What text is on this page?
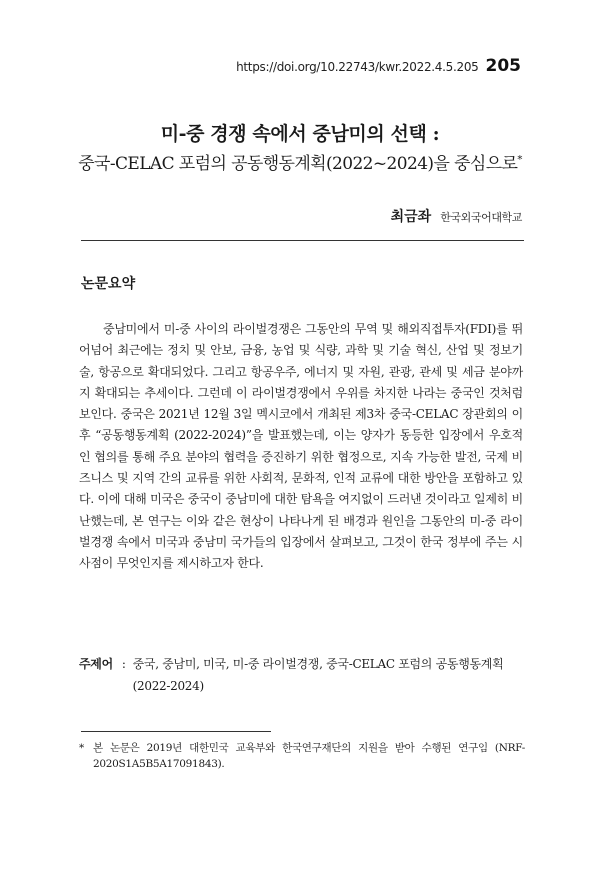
https://doi.org/10.22743/kwr.2022.4.5.205 205
미-중 경쟁 속에서 중남미의 선택 :
중국-CELAC 포럼의 공동행동계획(2022~2024)을 중심으로*
최금좌 한국외국어대학교
논문요약

중남미에서 미-중 사이의 라이벌경쟁은 그동안의 무역 및 해외직접투자(FDI)를 뛰어넘어 최근에는 정치 및 안보, 금융, 농업 및 식량, 과학 및 기술 혁신, 산업 및 정보기술, 항공으로 확대되었다. 그리고 항공우주, 에너지 및 자원, 관광, 관세 및 세금 분야까지 확대되는 추세이다. 그런데 이 라이벌경쟁에서 우위를 차지한 나라는 중국인 것처럼 보인다. 중국은 2021년 12월 3일 멕시코에서 개최된 제3차 중국-CELAC 장관회의 이후 “공동행동계획 (2022-2024)”을 발표했는데, 이는 양자가 동등한 입장에서 우호적인 협의를 통해 주요 분야의 협력을 증진하기 위한 협정으로, 지속 가능한 발전, 국제 비즈니스 및 지역 간의 교류를 위한 사회적, 문화적, 인적 교류에 대한 방안을 포함하고 있다. 이에 대해 미국은 중국이 중남미에 대한 탐욕을 여지없이 드러낸 것이라고 일제히 비난했는데, 본 연구는 이와 같은 현상이 나타나게 된 배경과 원인을 그동안의 미-중 라이벌경쟁 속에서 미국과 중남미 국가들의 입장에서 살펴보고, 그것이 한국 정부에 주는 시사점이 무엇인지를 제시하고자 한다.

주제어 : 중국, 중남미, 미국, 미-중 라이벌경쟁, 중국-CELAC 포럼의 공동행동계획(2022-2024)
* 본 논문은 2019년 대한민국 교육부와 한국연구재단의 지원을 받아 수행된 연구임 (NRF-2020S1A5B5A17091843).
